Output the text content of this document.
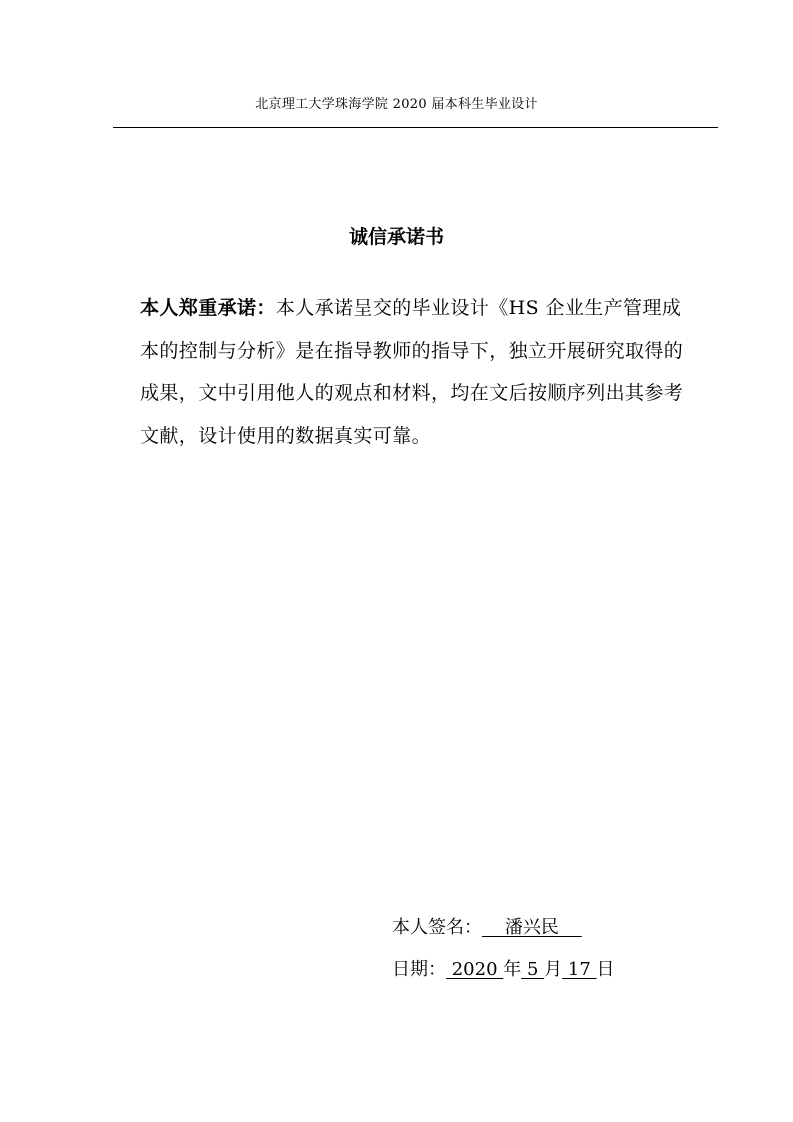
北京理工大学珠海学院 2020 届本科生毕业设计
诚信承诺书

本人郑重承诺：本人承诺呈交的毕业设计《HS 企业生产管理成本的控制与分析》是在指导教师的指导下，独立开展研究取得的成果，文中引用他人的观点和材料，均在文后按顺序列出其参考文献，设计使用的数据真实可靠。

本人签名：    潘兴民
日期： 2020 年 5 月 17 日
